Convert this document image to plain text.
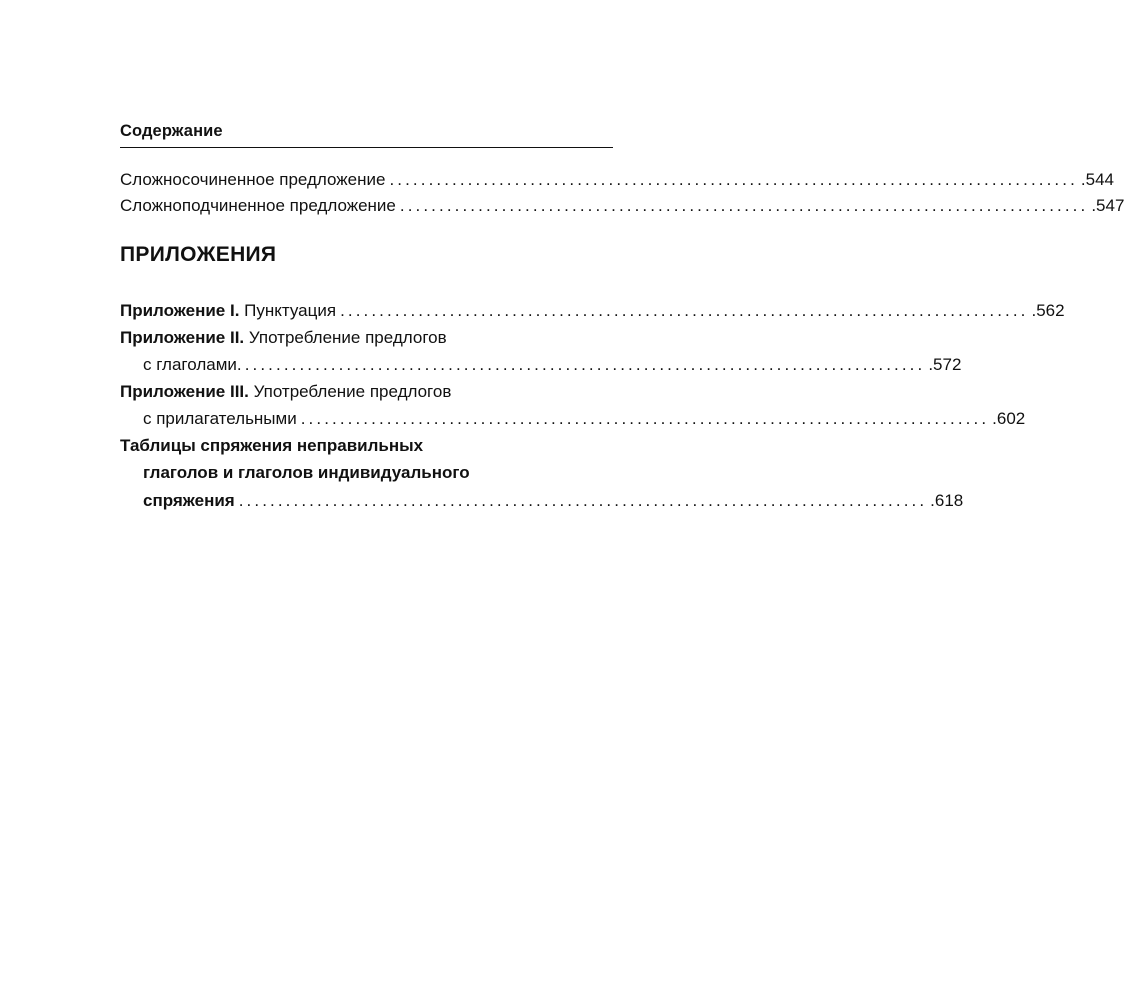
Содержание
Сложносочиненное предложение ........................................................................................ .544
Сложноподчиненное предложение ........................................................................................ .547
ПРИЛОЖЕНИЯ
Приложение I. Пунктуация ........................................................................................ .562
Приложение II. Употребление предлогов
с глаголами ........................................................................................ .572
Приложение III. Употребление предлогов
с прилагательными ........................................................................................ .602
Таблицы спряжения неправильных
глаголов и глаголов индивидуального
спряжения ........................................................................................ .618
